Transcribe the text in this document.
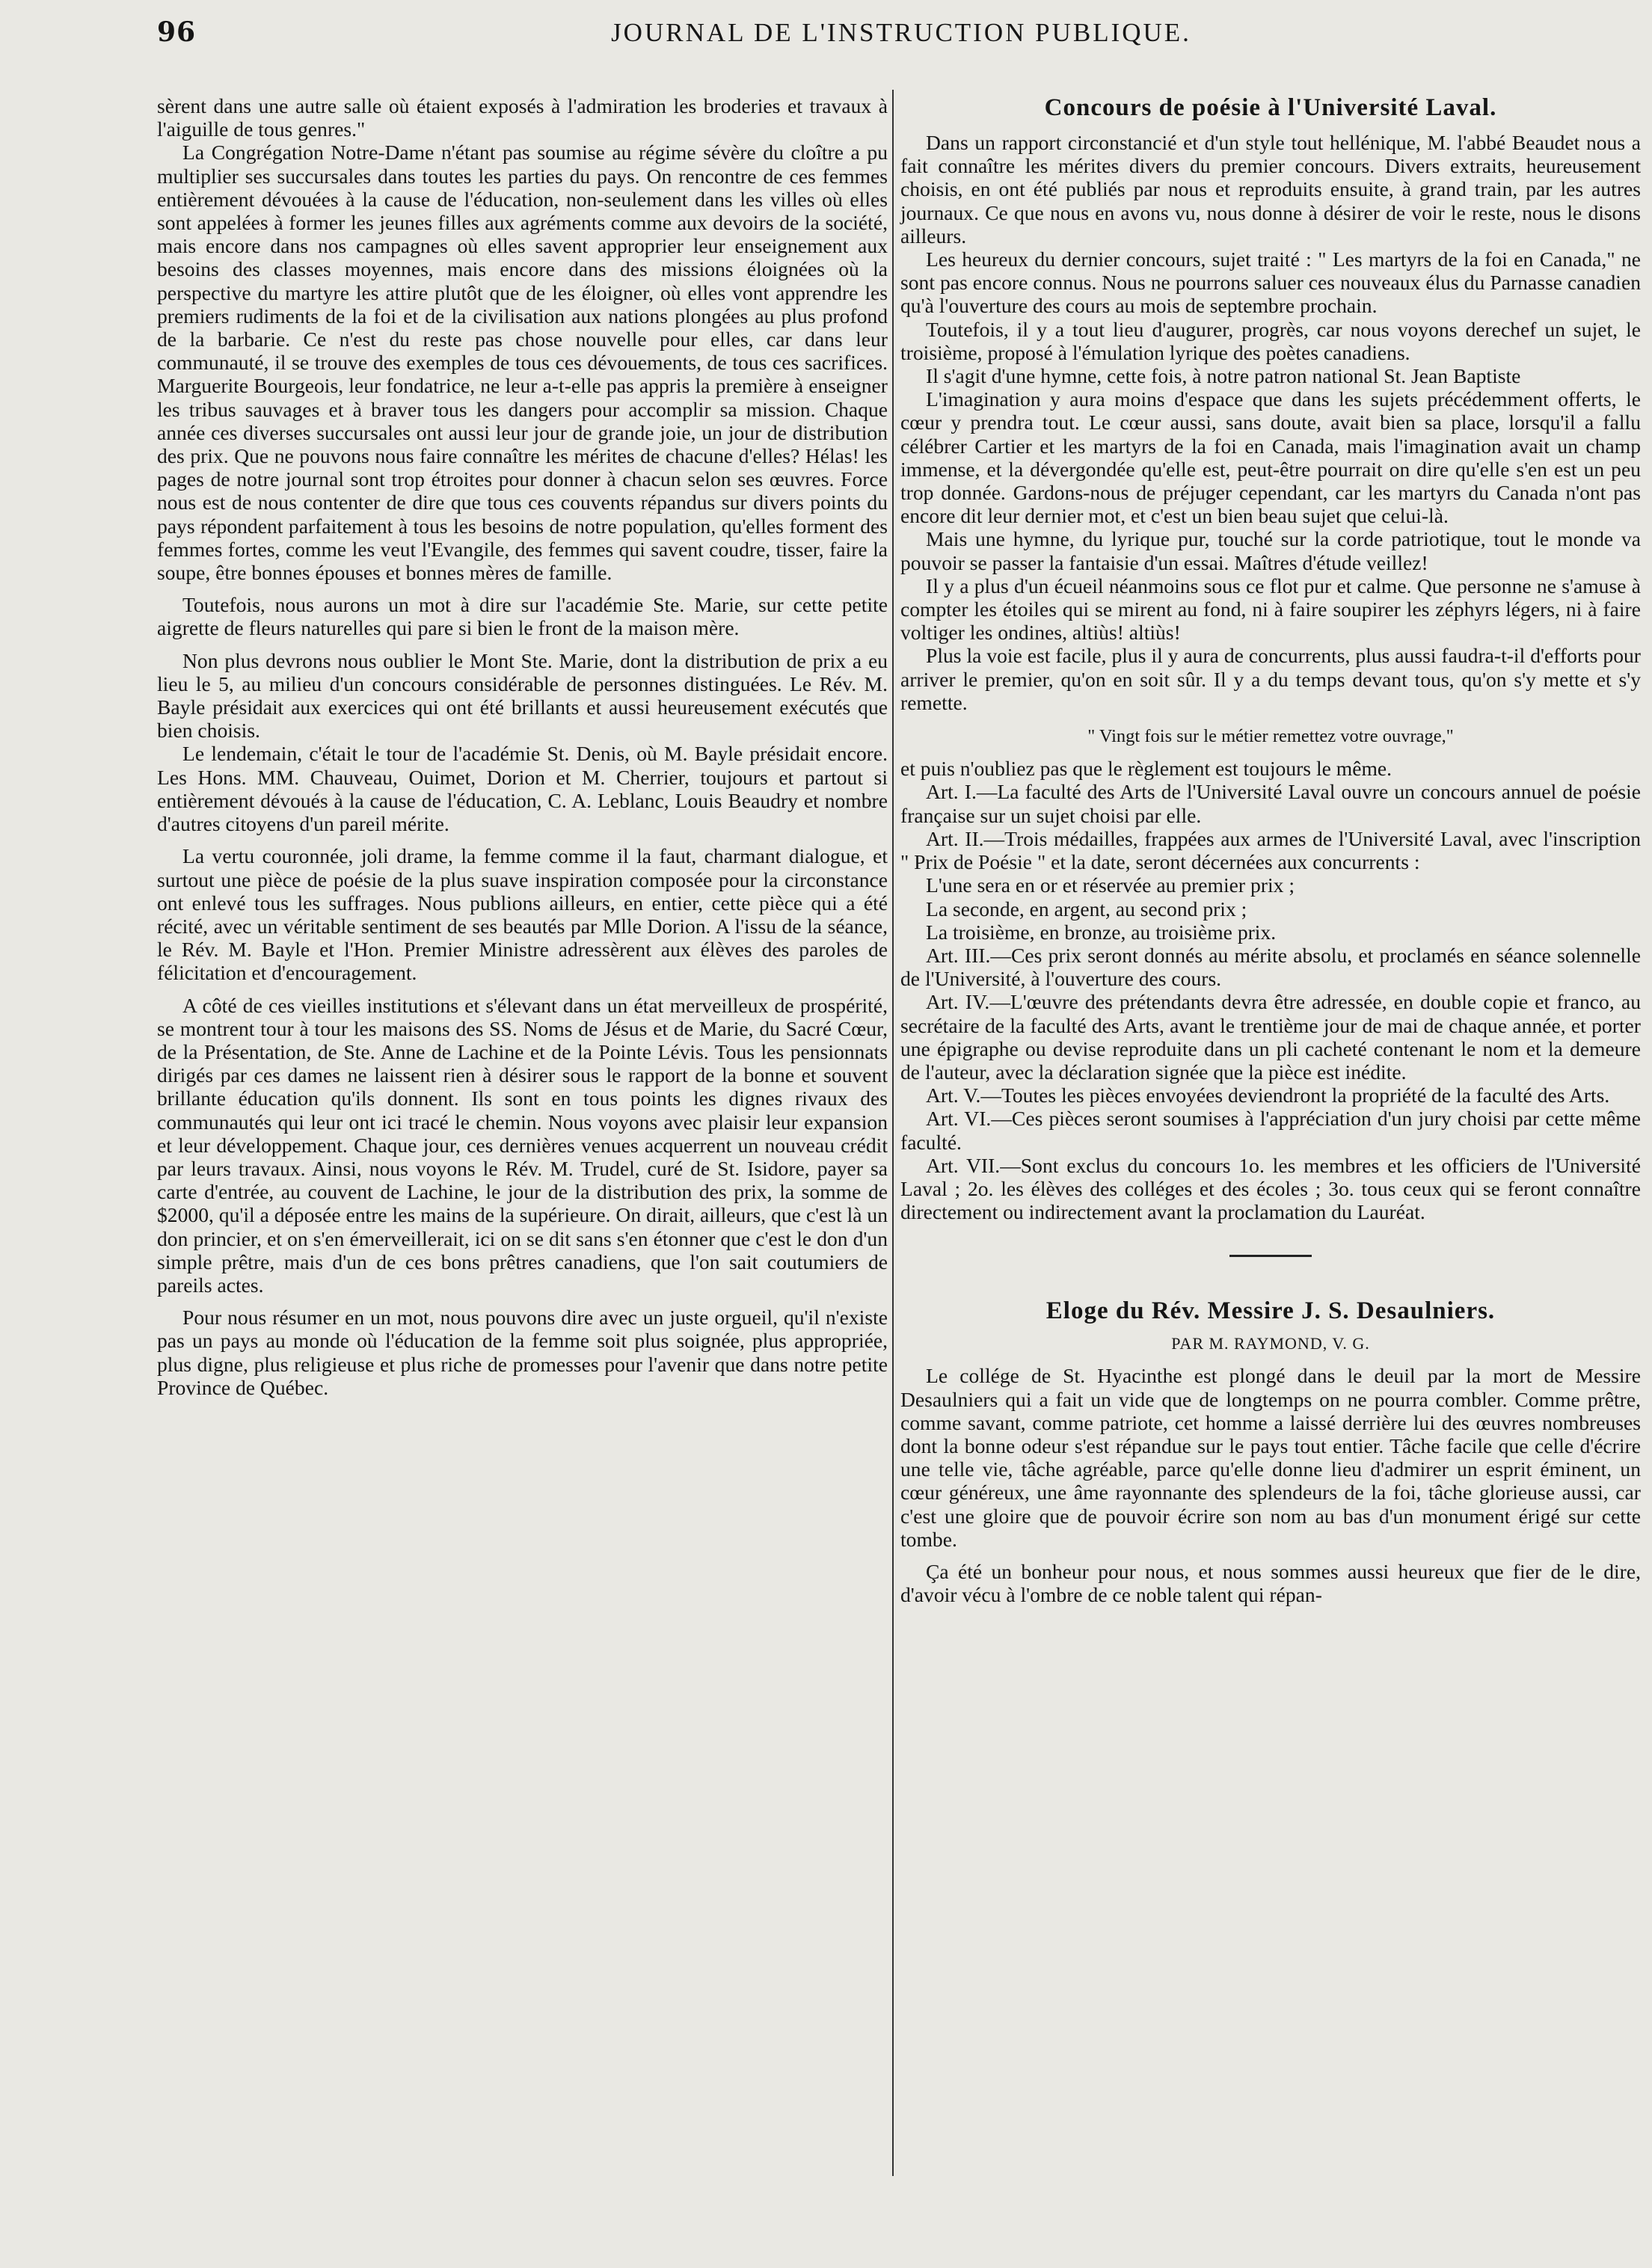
96	JOURNAL DE L'INSTRUCTION PUBLIQUE.

sèrent dans une autre salle où étaient exposés à l'admiration les broderies et travaux à l'aiguille de tous genres."

La Congrégation Notre-Dame n'étant pas soumise au régime sévère du cloître a pu multiplier ses succursales dans toutes les parties du pays. On rencontre de ces femmes entièrement dévouées à la cause de l'éducation, non-seulement dans les villes où elles sont appelées à former les jeunes filles aux agréments comme aux devoirs de la société, mais encore dans nos campagnes où elles savent approprier leur enseignement aux besoins des classes moyennes, mais encore dans des missions éloignées où la perspective du martyre les attire plutôt que de les éloigner, où elles vont apprendre les premiers rudiments de la foi et de la civilisation aux nations plongées au plus profond de la barbarie. Ce n'est du reste pas chose nouvelle pour elles, car dans leur communauté, il se trouve des exemples de tous ces dévouements, de tous ces sacrifices. Marguerite Bourgeois, leur fondatrice, ne leur a-t-elle pas appris la première à enseigner les tribus sauvages et à braver tous les dangers pour accomplir sa mission. Chaque année ces diverses succursales ont aussi leur jour de grande joie, un jour de distribution des prix. Que ne pouvons nous faire connaître les mérites de chacune d'elles? Hélas! les pages de notre journal sont trop étroites pour donner à chacun selon ses œuvres. Force nous est de nous contenter de dire que tous ces couvents répandus sur divers points du pays répondent parfaitement à tous les besoins de notre population, qu'elles forment des femmes fortes, comme les veut l'Evangile, des femmes qui savent coudre, tisser, faire la soupe, être bonnes épouses et bonnes mères de famille.

Toutefois, nous aurons un mot à dire sur l'académie Ste. Marie, sur cette petite aigrette de fleurs naturelles qui pare si bien le front de la maison mère.

Non plus devrons nous oublier le Mont Ste. Marie, dont la distribution de prix a eu lieu le 5, au milieu d'un concours considérable de personnes distinguées. Le Rév. M. Bayle présidait aux exercices qui ont été brillants et aussi heureusement exécutés que bien choisis.

Le lendemain, c'était le tour de l'académie St. Denis, où M. Bayle présidait encore. Les Hons. MM. Chauveau, Ouimet, Dorion et M. Cherrier, toujours et partout si entièrement dévoués à la cause de l'éducation, C. A. Leblanc, Louis Beaudry et nombre d'autres citoyens d'un pareil mérite.

La vertu couronnée, joli drame, la femme comme il la faut, charmant dialogue, et surtout une pièce de poésie de la plus suave inspiration composée pour la circonstance ont enlevé tous les suffrages. Nous publions ailleurs, en entier, cette pièce qui a été récité, avec un véritable sentiment de ses beautés par Mlle Dorion. A l'issu de la séance, le Rév. M. Bayle et l'Hon. Premier Ministre adressèrent aux élèves des paroles de félicitation et d'encouragement.

A côté de ces vieilles institutions et s'élevant dans un état merveilleux de prospérité, se montrent tour à tour les maisons des SS. Noms de Jésus et de Marie, du Sacré Cœur, de la Présentation, de Ste. Anne de Lachine et de la Pointe Lévis. Tous les pensionnats dirigés par ces dames ne laissent rien à désirer sous le rapport de la bonne et souvent brillante éducation qu'ils donnent. Ils sont en tous points les dignes rivaux des communautés qui leur ont ici tracé le chemin. Nous voyons avec plaisir leur expansion et leur développement. Chaque jour, ces dernières venues acquerrent un nouveau crédit par leurs travaux. Ainsi, nous voyons le Rév. M. Trudel, curé de St. Isidore, payer sa carte d'entrée, au couvent de Lachine, le jour de la distribution des prix, la somme de $2000, qu'il a déposée entre les mains de la supérieure. On dirait, ailleurs, que c'est là un don princier, et on s'en émerveillerait, ici on se dit sans s'en étonner que c'est le don d'un simple prêtre, mais d'un de ces bons prêtres canadiens, que l'on sait coutumiers de pareils actes.

Pour nous résumer en un mot, nous pouvons dire avec un juste orgueil, qu'il n'existe pas un pays au monde où l'éducation de la femme soit plus soignée, plus appropriée, plus digne, plus religieuse et plus riche de promesses pour l'avenir que dans notre petite Province de Québec.

Concours de poésie à l'Université Laval.

Dans un rapport circonstancié et d'un style tout hellénique, M. l'abbé Beaudet nous a fait connaître les mérites divers du premier concours. Divers extraits, heureusement choisis, en ont été publiés par nous et reproduits ensuite, à grand train, par les autres journaux. Ce que nous en avons vu, nous donne à désirer de voir le reste, nous le disons ailleurs.

Les heureux du dernier concours, sujet traité : " Les martyrs de la foi en Canada," ne sont pas encore connus. Nous ne pourrons saluer ces nouveaux élus du Parnasse canadien qu'à l'ouverture des cours au mois de septembre prochain.

Toutefois, il y a tout lieu d'augurer, progrès, car nous voyons derechef un sujet, le troisième, proposé à l'émulation lyrique des poètes canadiens.

Il s'agit d'une hymne, cette fois, à notre patron national St. Jean Baptiste

L'imagination y aura moins d'espace que dans les sujets précédemment offerts, le cœur y prendra tout. Le cœur aussi, sans doute, avait bien sa place, lorsqu'il a fallu célébrer Cartier et les martyrs de la foi en Canada, mais l'imagination avait un champ immense, et la dévergondée qu'elle est, peut-être pourrait on dire qu'elle s'en est un peu trop donnée. Gardons-nous de préjuger cependant, car les martyrs du Canada n'ont pas encore dit leur dernier mot, et c'est un bien beau sujet que celui-là.

Mais une hymne, du lyrique pur, touché sur la corde patriotique, tout le monde va pouvoir se passer la fantaisie d'un essai. Maîtres d'étude veillez!

Il y a plus d'un écueil néanmoins sous ce flot pur et calme. Que personne ne s'amuse à compter les étoiles qui se mirent au fond, ni à faire soupirer les zéphyrs légers, ni à faire voltiger les ondines, altiùs! altiùs!

Plus la voie est facile, plus il y aura de concurrents, plus aussi faudra-t-il d'efforts pour arriver le premier, qu'on en soit sûr. Il y a du temps devant tous, qu'on s'y mette et s'y remette.

" Vingt fois sur le métier remettez votre ouvrage,"

et puis n'oubliez pas que le règlement est toujours le même.

Art. I.—La faculté des Arts de l'Université Laval ouvre un concours annuel de poésie française sur un sujet choisi par elle.

Art. II.—Trois médailles, frappées aux armes de l'Université Laval, avec l'inscription " Prix de Poésie " et la date, seront décernées aux concurrents :

L'une sera en or et réservée au premier prix ;

La seconde, en argent, au second prix ;

La troisième, en bronze, au troisième prix.

Art. III.—Ces prix seront donnés au mérite absolu, et proclamés en séance solennelle de l'Université, à l'ouverture des cours.

Art. IV.—L'œuvre des prétendants devra être adressée, en double copie et franco, au secrétaire de la faculté des Arts, avant le trentième jour de mai de chaque année, et porter une épigraphe ou devise reproduite dans un pli cacheté contenant le nom et la demeure de l'auteur, avec la déclaration signée que la pièce est inédite.

Art. V.—Toutes les pièces envoyées deviendront la propriété de la faculté des Arts.

Art. VI.—Ces pièces seront soumises à l'appréciation d'un jury choisi par cette même faculté.

Art. VII.—Sont exclus du concours 1o. les membres et les officiers de l'Université Laval ; 2o. les élèves des colléges et des écoles ; 3o. tous ceux qui se feront connaître directement ou indirectement avant la proclamation du Lauréat.

Eloge du Rév. Messire J. S. Desaulniers.
PAR M. RAYMOND, V. G.

Le collége de St. Hyacinthe est plongé dans le deuil par la mort de Messire Desaulniers qui a fait un vide que de longtemps on ne pourra combler. Comme prêtre, comme savant, comme patriote, cet homme a laissé derrière lui des œuvres nombreuses dont la bonne odeur s'est répandue sur le pays tout entier. Tâche facile que celle d'écrire une telle vie, tâche agréable, parce qu'elle donne lieu d'admirer un esprit éminent, un cœur généreux, une âme rayonnante des splendeurs de la foi, tâche glorieuse aussi, car c'est une gloire que de pouvoir écrire son nom au bas d'un monument érigé sur cette tombe.

Ça été un bonheur pour nous, et nous sommes aussi heureux que fier de le dire, d'avoir vécu à l'ombre de ce noble talent qui répan-
